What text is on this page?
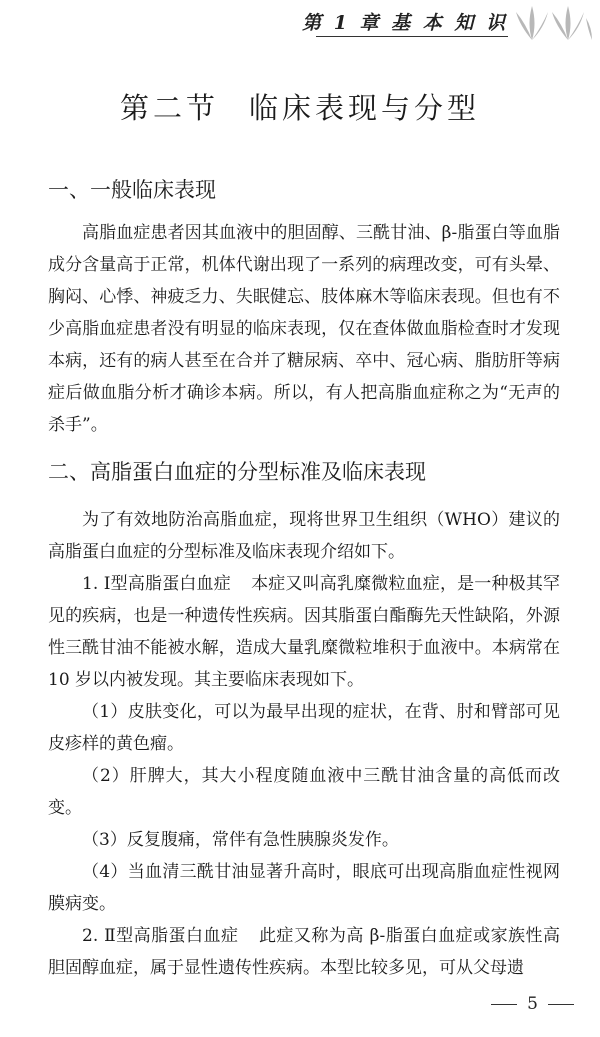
第 1 章 基 本 知 识
第二节 临床表现与分型
一、一般临床表现
高脂血症患者因其血液中的胆固醇、三酰甘油、β-脂蛋白等血脂成分含量高于正常，机体代谢出现了一系列的病理改变，可有头晕、胸闷、心悸、神疲乏力、失眠健忘、肢体麻木等临床表现。但也有不少高脂血症患者没有明显的临床表现，仅在查体做血脂检查时才发现本病，还有的病人甚至在合并了糖尿病、卒中、冠心病、脂肪肝等病症后做血脂分析才确诊本病。所以，有人把高脂血症称之为“无声的杀手”。
二、高脂蛋白血症的分型标准及临床表现
为了有效地防治高脂血症，现将世界卫生组织（WHO）建议的高脂蛋白血症的分型标准及临床表现介绍如下。
1. Ⅰ型高脂蛋白血症 本症又叫高乳糜微粒血症，是一种极其罕见的疾病，也是一种遗传性疾病。因其脂蛋白酯酶先天性缺陷，外源性三酰甘油不能被水解，造成大量乳糜微粒堆积于血液中。本病常在 10 岁以内被发现。其主要临床表现如下。
（1）皮肤变化，可以为最早出现的症状，在背、肘和臂部可见皮疹样的黄色瘤。
（2）肝脾大，其大小程度随血液中三酰甘油含量的高低而改变。
（3）反复腹痛，常伴有急性胰腺炎发作。
（4）当血清三酰甘油显著升高时，眼底可出现高脂血症性视网膜病变。
2. Ⅱ型高脂蛋白血症 此症又称为高 β-脂蛋白血症或家族性高胆固醇血症，属于显性遗传性疾病。本型比较多见，可从父母遗
5
